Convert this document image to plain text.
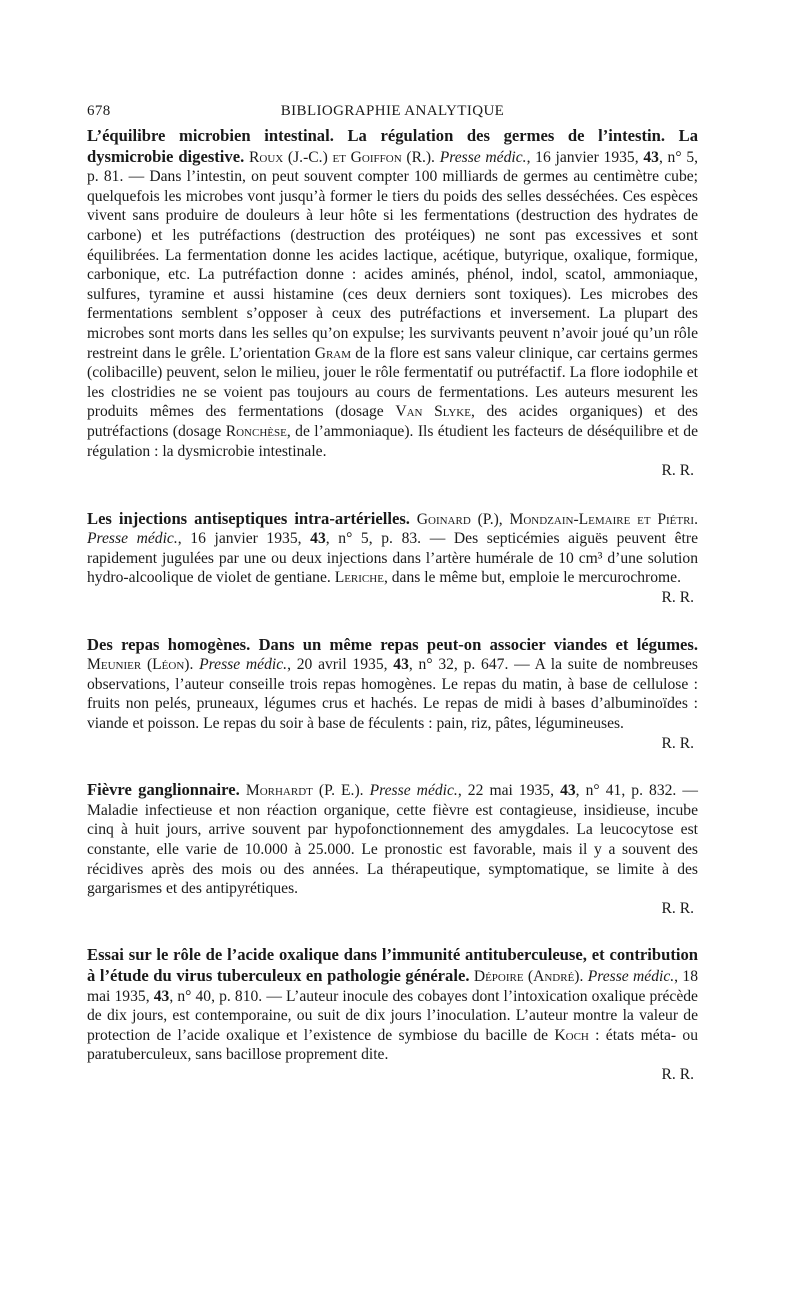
678	BIBLIOGRAPHIE ANALYTIQUE
L’équilibre microbien intestinal. La régulation des germes de l’intestin. La dysmicrobie digestive. Roux (J.-C.) et Goiffon (R.). Presse médic., 16 janvier 1935, 43, n° 5, p. 81. — Dans l’intestin, on peut souvent compter 100 milliards de germes au centimètre cube; quelquefois les microbes vont jusqu’à former le tiers du poids des selles desséchées. Ces espèces vivent sans produire de douleurs à leur hôte si les fermentations (destruction des hydrates de carbone) et les putréfactions (destruction des protéiques) ne sont pas excessives et sont équilibrées. La fermentation donne les acides lactique, acétique, butyrique, oxalique, formique, carbonique, etc. La putréfaction donne : acides aminés, phénol, indol, scatol, ammoniaque, sulfures, tyramine et aussi histamine (ces deux derniers sont toxiques). Les microbes des fermentations semblent s’opposer à ceux des putréfactions et inversement. La plupart des microbes sont morts dans les selles qu’on expulse; les survivants peuvent n’avoir joué qu’un rôle restreint dans le grêle. L’orientation Gram de la flore est sans valeur clinique, car certains germes (colibacille) peuvent, selon le milieu, jouer le rôle fermentatif ou putréfactif. La flore iodophile et les clostridies ne se voient pas toujours au cours de fermentations. Les auteurs mesurent les produits mêmes des fermentations (dosage Van Slyke, des acides organiques) et des putréfactions (dosage Ronchèse, de l’ammoniaque). Ils étudient les facteurs de déséquilibre et de régulation : la dysmicrobie intestinale.
R. R.
Les injections antiseptiques intra-artérielles. Goinard (P.), Mondzain-Lemaire et Piétri. Presse médic., 16 janvier 1935, 43, n° 5, p. 83. — Des septicémies aiguës peuvent être rapidement jugulées par une ou deux injections dans l’artère humérale de 10 cm³ d’une solution hydro-alcoolique de violet de gentiane. Leriche, dans le même but, emploie le mercurochrome.
R. R.
Des repas homogènes. Dans un même repas peut-on associer viandes et légumes. Meunier (Léon). Presse médic., 20 avril 1935, 43, n° 32, p. 647. — A la suite de nombreuses observations, l’auteur conseille trois repas homogènes. Le repas du matin, à base de cellulose : fruits non pelés, pruneaux, légumes crus et hachés. Le repas de midi à bases d’albuminoïdes : viande et poisson. Le repas du soir à base de féculents : pain, riz, pâtes, légumineuses.
R. R.
Fièvre ganglionnaire. Morhardt (P. E.). Presse médic., 22 mai 1935, 43, n° 41, p. 832. — Maladie infectieuse et non réaction organique, cette fièvre est contagieuse, insidieuse, incube cinq à huit jours, arrive souvent par hypofonctionnement des amygdales. La leucocytose est constante, elle varie de 10.000 à 25.000. Le pronostic est favorable, mais il y a souvent des récidives après des mois ou des années. La thérapeutique, symptomatique, se limite à des gargarismes et des antipyrétiques.
R. R.
Essai sur le rôle de l’acide oxalique dans l’immunité antituberculeuse, et contribution à l’étude du virus tuberculeux en pathologie générale. Dépoire (André). Presse médic., 18 mai 1935, 43, n° 40, p. 810. — L’auteur inocule des cobayes dont l’intoxication oxalique précède de dix jours, est contemporaine, ou suit de dix jours l’inoculation. L’auteur montre la valeur de protection de l’acide oxalique et l’existence de symbiose du bacille de Koch : états méta- ou paratuberculeux, sans bacillose proprement dite.
R. R.
